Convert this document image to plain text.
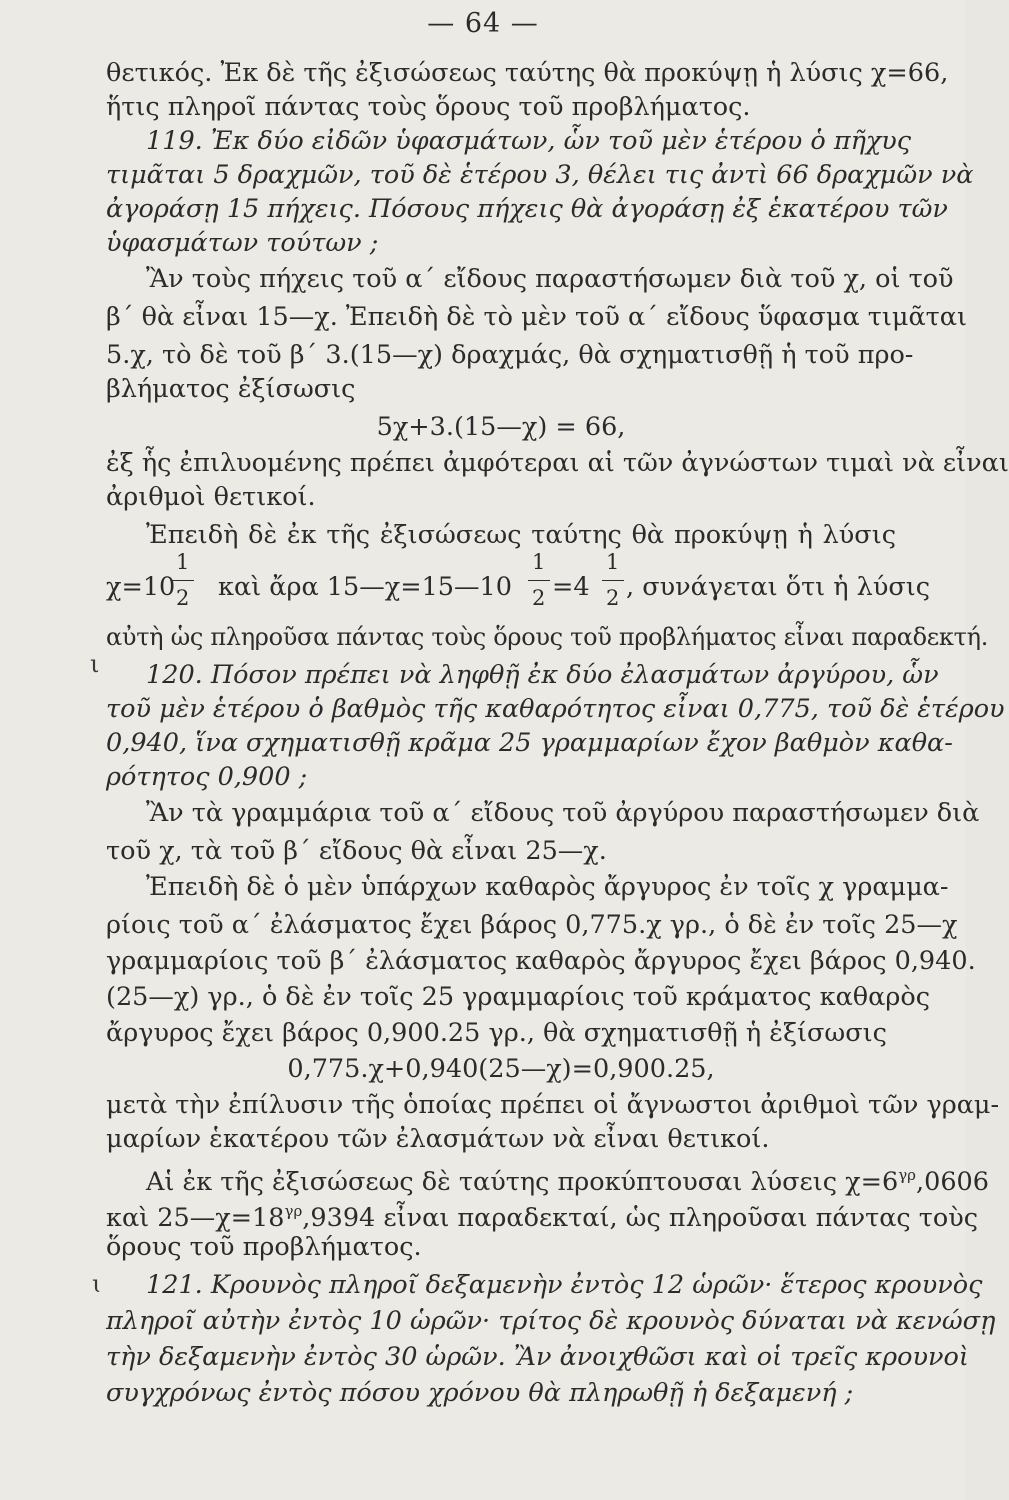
— 64 —
θετικός. Ἐκ δὲ τῆς ἐξισώσεως ταύτης θὰ προκύψῃ ἡ λύσις χ=66,
ἥτις πληροῖ πάντας τοὺς ὅρους τοῦ προβλήματος.
119. Ἐκ δύο εἰδῶν ὑφασμάτων, ὧν τοῦ μὲν ἑτέρου ὁ πῆχυς
τιμᾶται 5 δραχμῶν, τοῦ δὲ ἑτέρου 3, θέλει τις ἀντὶ 66 δραχμῶν νὰ
ἀγοράσῃ 15 πήχεις. Πόσους πήχεις θὰ ἀγοράσῃ ἐξ ἑκατέρου τῶν
ὑφασμάτων τούτων ;
Ἂν τοὺς πήχεις τοῦ α΄ εἴδους παραστήσωμεν διὰ τοῦ χ, οἱ τοῦ
β΄ θὰ εἶναι 15—χ. Ἐπειδὴ δὲ τὸ μὲν τοῦ α΄ εἴδους ὕφασμα τιμᾶται
5.χ, τὸ δὲ τοῦ β΄ 3.(15—χ) δραχμάς, θὰ σχηματισθῇ ἡ τοῦ προ-
βλήματος ἐξίσωσις
5χ+3.(15—χ) = 66,
ἐξ ἧς ἐπιλυομένης πρέπει ἀμφότεραι αἱ τῶν ἀγνώστων τιμαὶ νὰ εἶναι
ἀριθμοὶ θετικοί.
Ἐπειδὴ δὲ ἐκ τῆς ἐξισώσεως ταύτης θὰ προκύψῃ ἡ λύσις
χ=10
1
2 καὶ ἄρα 15—χ=15—10
1
2 =4
1
2 , συνάγεται ὅτι ἡ λύσις
αὐτὴ ὡς πληροῦσα πάντας τοὺς ὅρους τοῦ προβλήματος εἶναι παραδεκτή.
ι 120. Πόσον πρέπει νὰ ληφθῇ ἐκ δύο ἐλασμάτων ἀργύρου, ὧν
τοῦ μὲν ἑτέρου ὁ βαθμὸς τῆς καθαρότητος εἶναι 0,775, τοῦ δὲ ἑτέρου
0,940, ἵνα σχηματισθῇ κρᾶμα 25 γραμμαρίων ἔχον βαθμὸν καθα-
ρότητος 0,900 ;
Ἂν τὰ γραμμάρια τοῦ α΄ εἴδους τοῦ ἀργύρου παραστήσωμεν διὰ
τοῦ χ, τὰ τοῦ β΄ εἴδους θὰ εἶναι 25—χ.
Ἐπειδὴ δὲ ὁ μὲν ὑπάρχων καθαρὸς ἄργυρος ἐν τοῖς χ γραμμα-
ρίοις τοῦ α΄ ἐλάσματος ἔχει βάρος 0,775.χ γρ., ὁ δὲ ἐν τοῖς 25—χ
γραμμαρίοις τοῦ β΄ ἐλάσματος καθαρὸς ἄργυρος ἔχει βάρος 0,940.
(25—χ) γρ., ὁ δὲ ἐν τοῖς 25 γραμμαρίοις τοῦ κράματος καθαρὸς
ἄργυρος ἔχει βάρος 0,900.25 γρ., θὰ σχηματισθῇ ἡ ἐξίσωσις
0,775.χ+0,940(25—χ)=0,900.25,
μετὰ τὴν ἐπίλυσιν τῆς ὁποίας πρέπει οἱ ἄγνωστοι ἀριθμοὶ τῶν γραμ-
μαρίων ἑκατέρου τῶν ἐλασμάτων νὰ εἶναι θετικοί.
Αἱ ἐκ τῆς ἐξισώσεως δὲ ταύτης προκύπτουσαι λύσεις $\chi=6^{\gamma\rho},0606$
καὶ $25—\chi=18^{\gamma\rho},9394$ εἶναι παραδεκταί, ὡς πληροῦσαι πάντας τοὺς
ὅρους τοῦ προβλήματος.
ɩ 121. Κρουνὸς πληροῖ δεξαμενὴν ἐντὸς 12 ὡρῶν· ἕτερος κρουνὸς
πληροῖ αὐτὴν ἐντὸς 10 ὡρῶν· τρίτος δὲ κρουνὸς δύναται νὰ κενώσῃ
τὴν δεξαμενὴν ἐντὸς 30 ὡρῶν. Ἂν ἀνοιχθῶσι καὶ οἱ τρεῖς κρουνοὶ
συγχρόνως ἐντὸς πόσου χρόνου θὰ πληρωθῇ ἡ δεξαμενή ;
